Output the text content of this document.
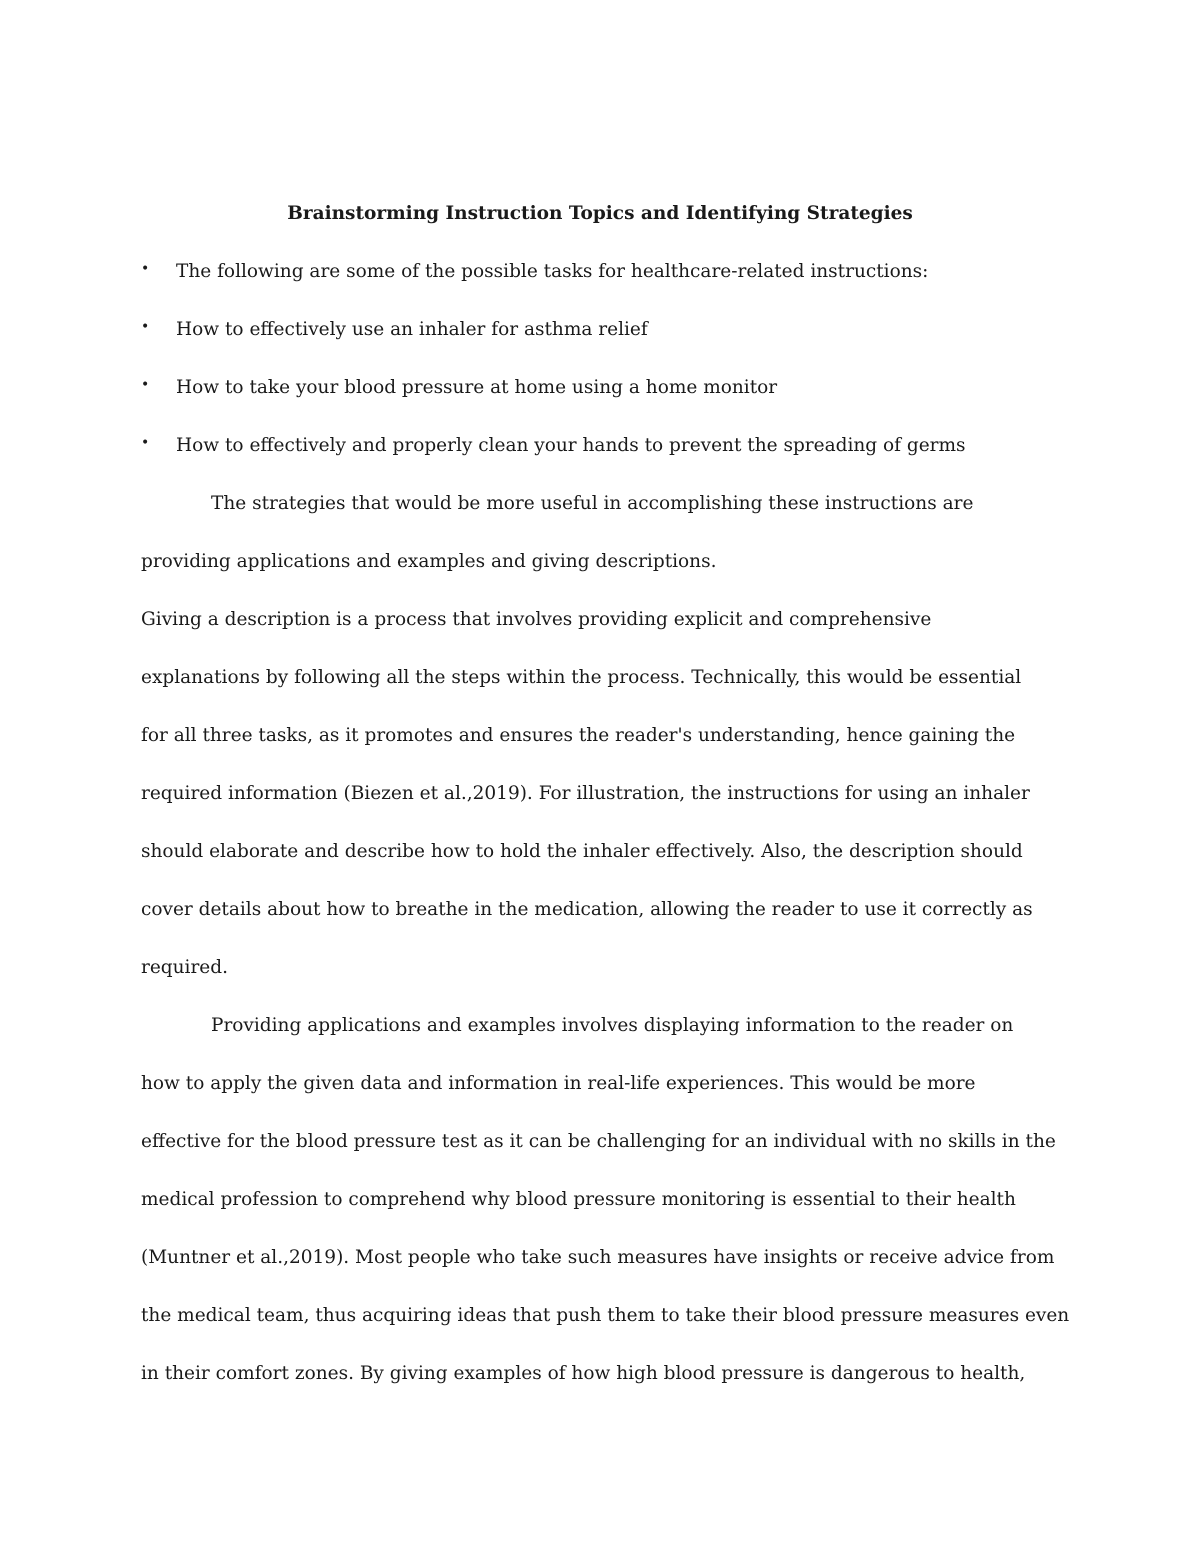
Brainstorming Instruction Topics and Identifying Strategies
• The following are some of the possible tasks for healthcare-related instructions:
• How to effectively use an inhaler for asthma relief
• How to take your blood pressure at home using a home monitor
• How to effectively and properly clean your hands to prevent the spreading of germs
The strategies that would be more useful in accomplishing these instructions are
providing applications and examples and giving descriptions.
Giving a description is a process that involves providing explicit and comprehensive
explanations by following all the steps within the process. Technically, this would be essential
for all three tasks, as it promotes and ensures the reader's understanding, hence gaining the
required information (Biezen et al.,2019). For illustration, the instructions for using an inhaler
should elaborate and describe how to hold the inhaler effectively. Also, the description should
cover details about how to breathe in the medication, allowing the reader to use it correctly as
required.
Providing applications and examples involves displaying information to the reader on
how to apply the given data and information in real-life experiences. This would be more
effective for the blood pressure test as it can be challenging for an individual with no skills in the
medical profession to comprehend why blood pressure monitoring is essential to their health
(Muntner et al.,2019). Most people who take such measures have insights or receive advice from
the medical team, thus acquiring ideas that push them to take their blood pressure measures even
in their comfort zones. By giving examples of how high blood pressure is dangerous to health,
